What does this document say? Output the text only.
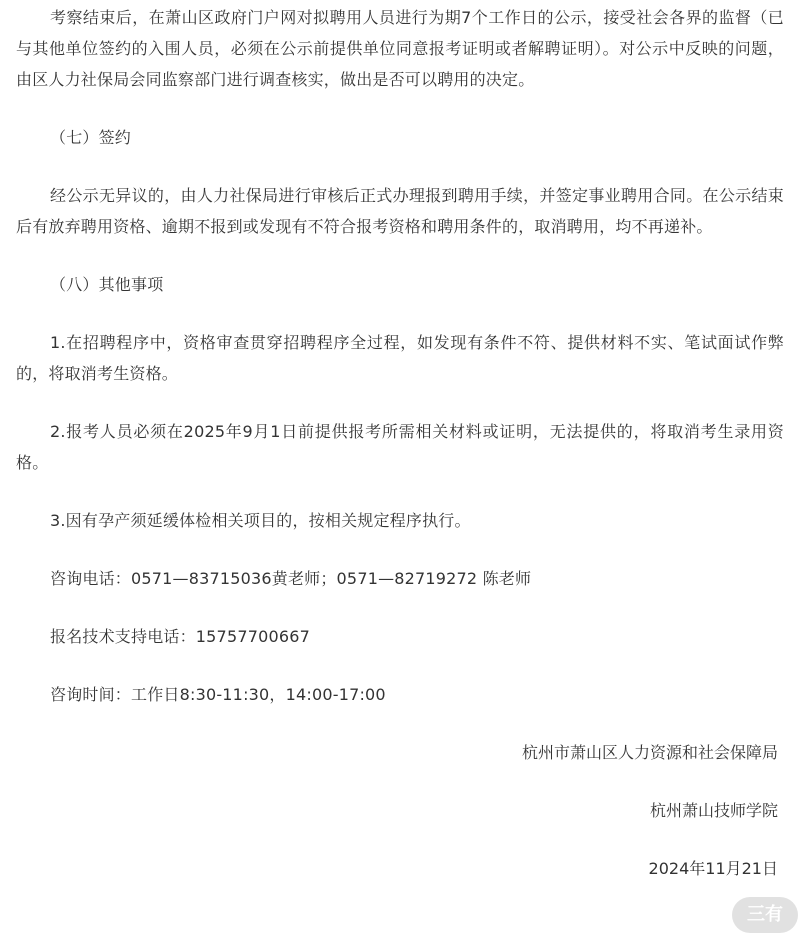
考察结束后，在萧山区政府门户网对拟聘用人员进行为期7个工作日的公示，接受社会各界的监督（已与其他单位签约的入围人员，必须在公示前提供单位同意报考证明或者解聘证明）。对公示中反映的问题，由区人力社保局会同监察部门进行调查核实，做出是否可以聘用的决定。

（七）签约

经公示无异议的，由人力社保局进行审核后正式办理报到聘用手续，并签定事业聘用合同。在公示结束后有放弃聘用资格、逾期不报到或发现有不符合报考资格和聘用条件的，取消聘用，均不再递补。

（八）其他事项

1.在招聘程序中，资格审查贯穿招聘程序全过程，如发现有条件不符、提供材料不实、笔试面试作弊的，将取消考生资格。

2.报考人员必须在2025年9月1日前提供报考所需相关材料或证明，无法提供的，将取消考生录用资格。

3.因有孕产须延缓体检相关项目的，按相关规定程序执行。

咨询电话：0571—83715036黄老师；0571—82719272 陈老师

报名技术支持电话：15757700667

咨询时间：工作日8:30-11:30，14:00-17:00

杭州市萧山区人力资源和社会保障局

杭州萧山技师学院

2024年11月21日

三有
